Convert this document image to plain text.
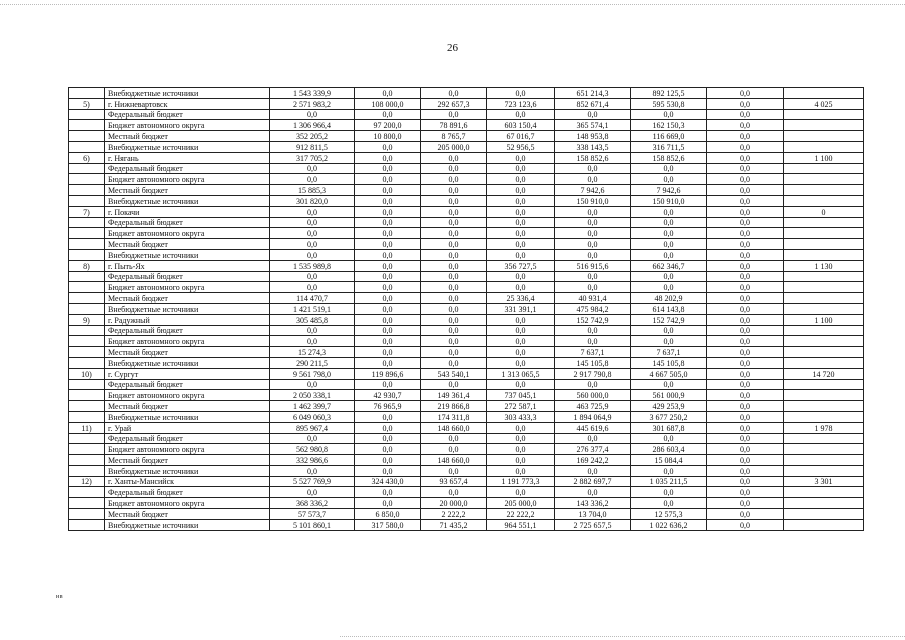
26
	Внебюджетные источники	1 543 339,9	0,0	0,0	0,0	651 214,3	892 125,5	0,0	
5)	г. Нижневартовск	2 571 983,2	108 000,0	292 657,3	723 123,6	852 671,4	595 530,8	0,0	4 025
	Федеральный бюджет	0,0	0,0	0,0	0,0	0,0	0,0	0,0	
	Бюджет автономного округа	1 306 966,4	97 200,0	78 891,6	603 150,4	365 574,1	162 150,3	0,0	
	Местный бюджет	352 205,2	10 800,0	8 765,7	67 016,7	148 953,8	116 669,0	0,0	
	Внебюджетные источники	912 811,5	0,0	205 000,0	52 956,5	338 143,5	316 711,5	0,0	
6)	г. Нягань	317 705,2	0,0	0,0	0,0	158 852,6	158 852,6	0,0	1 100
	Федеральный бюджет	0,0	0,0	0,0	0,0	0,0	0,0	0,0	
	Бюджет автономного округа	0,0	0,0	0,0	0,0	0,0	0,0	0,0	
	Местный бюджет	15 885,3	0,0	0,0	0,0	7 942,6	7 942,6	0,0	
	Внебюджетные источники	301 820,0	0,0	0,0	0,0	150 910,0	150 910,0	0,0	
7)	г. Покачи	0,0	0,0	0,0	0,0	0,0	0,0	0,0	0
	Федеральный бюджет	0,0	0,0	0,0	0,0	0,0	0,0	0,0	
	Бюджет автономного округа	0,0	0,0	0,0	0,0	0,0	0,0	0,0	
	Местный бюджет	0,0	0,0	0,0	0,0	0,0	0,0	0,0	
	Внебюджетные источники	0,0	0,0	0,0	0,0	0,0	0,0	0,0	
8)	г. Пыть-Ях	1 535 989,8	0,0	0,0	356 727,5	516 915,6	662 346,7	0,0	1 130
	Федеральный бюджет	0,0	0,0	0,0	0,0	0,0	0,0	0,0	
	Бюджет автономного округа	0,0	0,0	0,0	0,0	0,0	0,0	0,0	
	Местный бюджет	114 470,7	0,0	0,0	25 336,4	40 931,4	48 202,9	0,0	
	Внебюджетные источники	1 421 519,1	0,0	0,0	331 391,1	475 984,2	614 143,8	0,0	
9)	г. Радужный	305 485,8	0,0	0,0	0,0	152 742,9	152 742,9	0,0	1 100
	Федеральный бюджет	0,0	0,0	0,0	0,0	0,0	0,0	0,0	
	Бюджет автономного округа	0,0	0,0	0,0	0,0	0,0	0,0	0,0	
	Местный бюджет	15 274,3	0,0	0,0	0,0	7 637,1	7 637,1	0,0	
	Внебюджетные источники	290 211,5	0,0	0,0	0,0	145 105,8	145 105,8	0,0	
10)	г. Сургут	9 561 798,0	119 896,6	543 540,1	1 313 065,5	2 917 790,8	4 667 505,0	0,0	14 720
	Федеральный бюджет	0,0	0,0	0,0	0,0	0,0	0,0	0,0	
	Бюджет автономного округа	2 050 338,1	42 930,7	149 361,4	737 045,1	560 000,0	561 000,9	0,0	
	Местный бюджет	1 462 399,7	76 965,9	219 866,8	272 587,1	463 725,9	429 253,9	0,0	
	Внебюджетные источники	6 049 060,3	0,0	174 311,8	303 433,3	1 894 064,9	3 677 250,2	0,0	
11)	г. Урай	895 967,4	0,0	148 660,0	0,0	445 619,6	301 687,8	0,0	1 978
	Федеральный бюджет	0,0	0,0	0,0	0,0	0,0	0,0	0,0	
	Бюджет автономного округа	562 980,8	0,0	0,0	0,0	276 377,4	286 603,4	0,0	
	Местный бюджет	332 986,6	0,0	148 660,0	0,0	169 242,2	15 084,4	0,0	
	Внебюджетные источники	0,0	0,0	0,0	0,0	0,0	0,0	0,0	
12)	г. Ханты-Мансийск	5 527 769,9	324 430,0	93 657,4	1 191 773,3	2 882 697,7	1 035 211,5	0,0	3 301
	Федеральный бюджет	0,0	0,0	0,0	0,0	0,0	0,0	0,0	
	Бюджет автономного округа	368 336,2	0,0	20 000,0	205 000,0	143 336,2	0,0	0,0	
	Местный бюджет	57 573,7	6 850,0	2 222,2	22 222,2	13 704,0	12 575,3	0,0	
	Внебюджетные источники	5 101 860,1	317 580,0	71 435,2	964 551,1	2 725 657,5	1 022 636,2	0,0	
нв
